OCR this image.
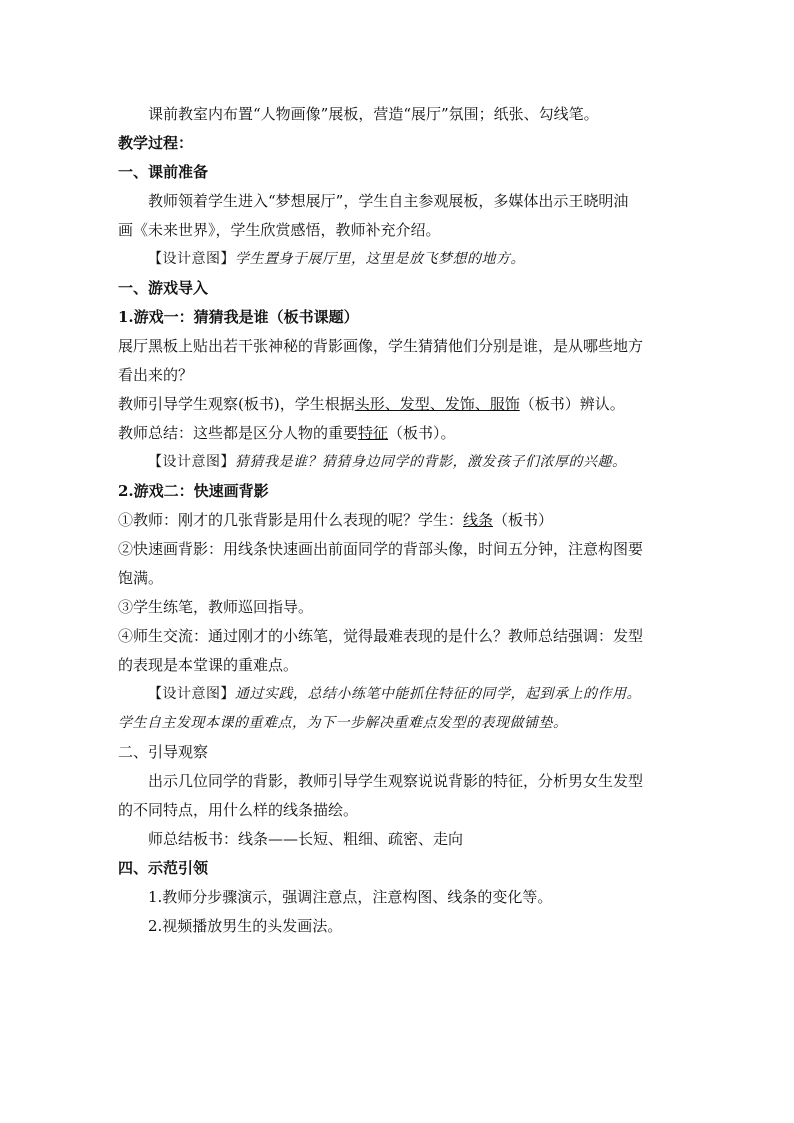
课前教室内布置“人物画像”展板，营造“展厅”氛围；纸张、勾线笔。

教学过程：

一、课前准备

教师领着学生进入“梦想展厅”，学生自主参观展板，多媒体出示王晓明油

画《未来世界》，学生欣赏感悟，教师补充介绍。

【设计意图】学生置身于展厅里，这里是放飞梦想的地方。

一、游戏导入

1.游戏一：猜猜我是谁（板书课题）

展厅黑板上贴出若干张神秘的背影画像，学生猜猜他们分别是谁，是从哪些地方

看出来的？

教师引导学生观察(板书)，学生根据头形、发型、发饰、服饰（板书）辨认。

教师总结：这些都是区分人物的重要特征（板书）。

【设计意图】猜猜我是谁？猜猜身边同学的背影，激发孩子们浓厚的兴趣。

2.游戏二：快速画背影

①教师：刚才的几张背影是用什么表现的呢？学生：线条（板书）

②快速画背影：用线条快速画出前面同学的背部头像，时间五分钟，注意构图要

饱满。

③学生练笔，教师巡回指导。

④师生交流：通过刚才的小练笔，觉得最难表现的是什么？教师总结强调：发型

的表现是本堂课的重难点。

【设计意图】通过实践，总结小练笔中能抓住特征的同学，起到承上的作用。

学生自主发现本课的重难点，为下一步解决重难点发型的表现做铺垫。

二、引导观察

出示几位同学的背影，教师引导学生观察说说背影的特征，分析男女生发型

的不同特点，用什么样的线条描绘。

师总结板书：线条——长短、粗细、疏密、走向

四、示范引领

1.教师分步骤演示，强调注意点，注意构图、线条的变化等。

2.视频播放男生的头发画法。
